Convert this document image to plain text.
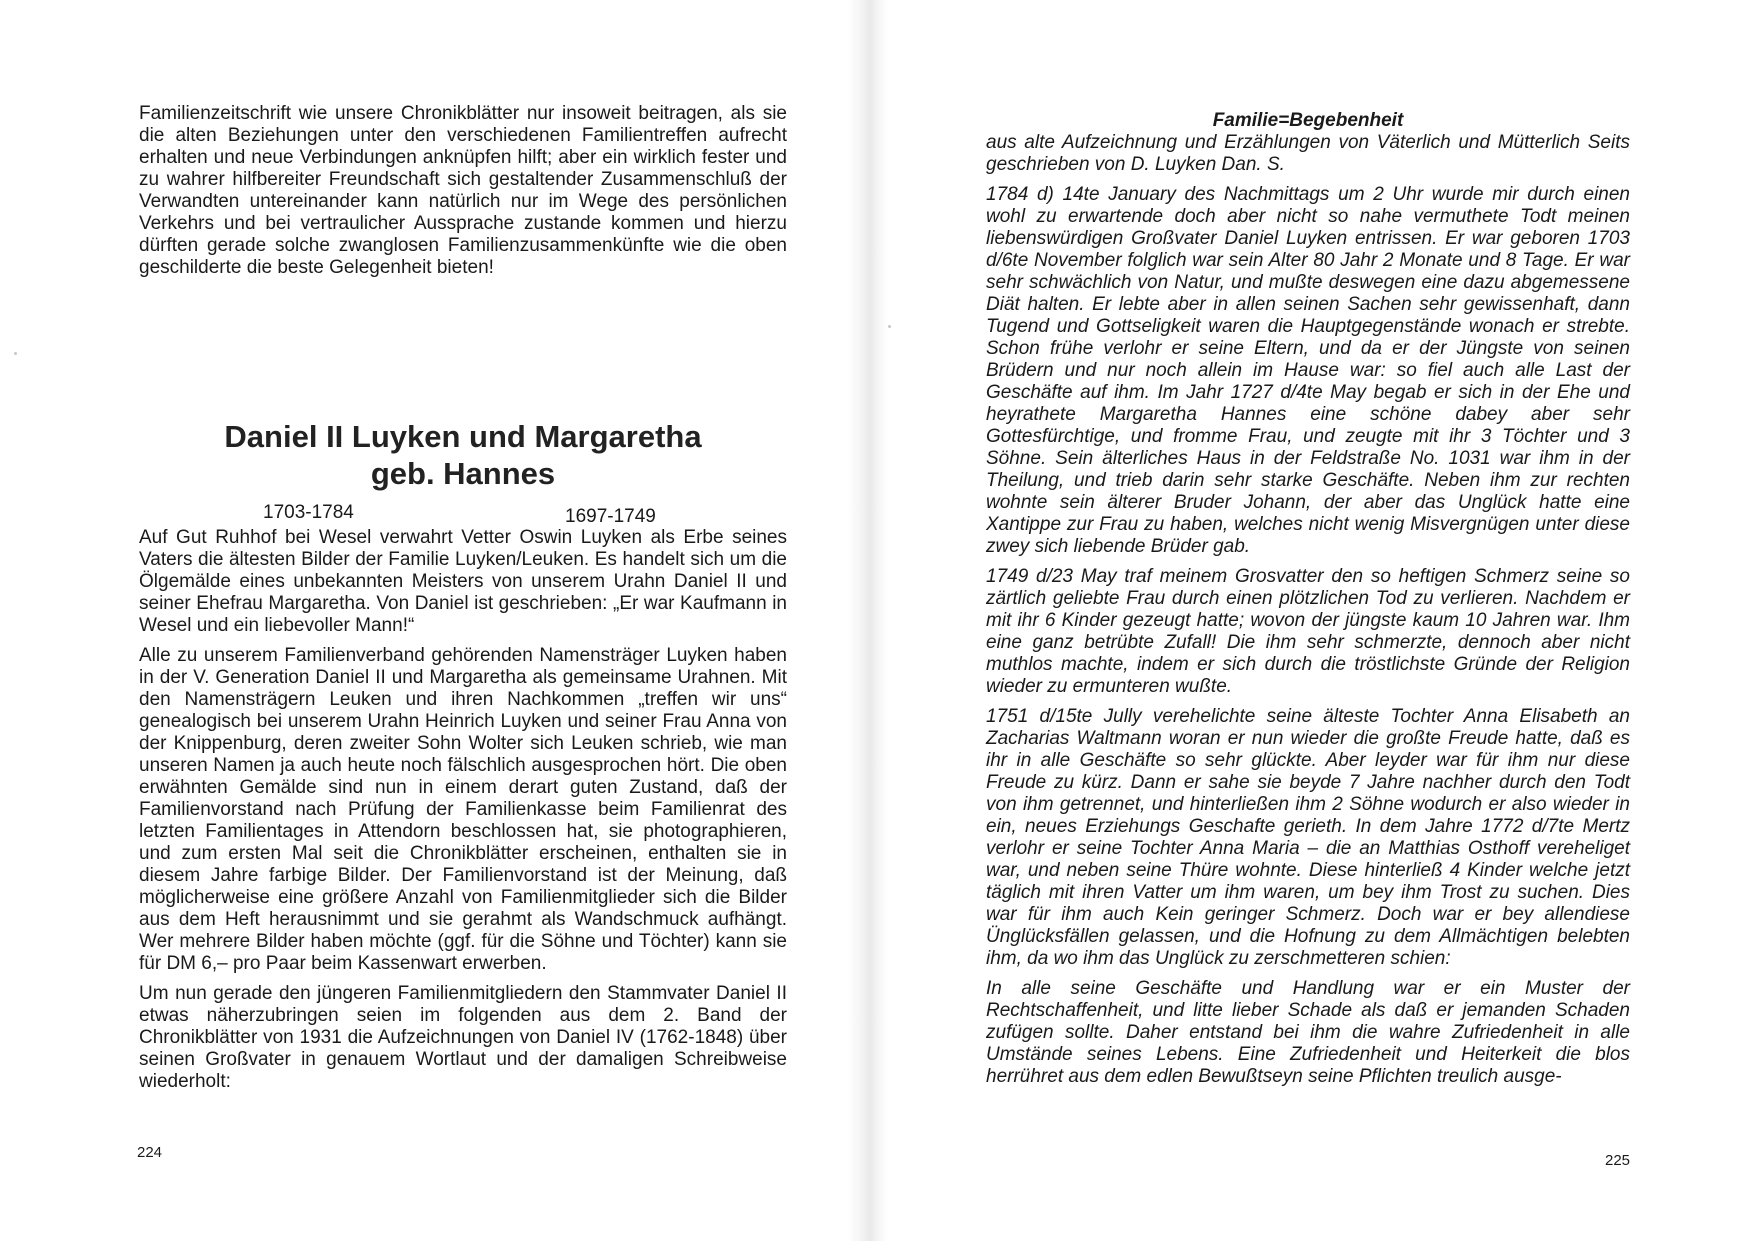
Familienzeitschrift wie unsere Chronikblätter nur insoweit beitragen, als sie die alten Beziehungen unter den verschiedenen Familientreffen aufrecht erhalten und neue Verbindungen anknüpfen hilft; aber ein wirklich fester und zu wahrer hilfbereiter Freundschaft sich gestaltender Zusammenschluß der Verwandten untereinander kann natürlich nur im Wege des persönlichen Verkehrs und bei vertraulicher Aussprache zustande kommen und hierzu dürften gerade solche zwanglosen Familienzusammenkünfte wie die oben geschilderte die beste Gelegenheit bieten!
Daniel II Luyken und Margaretha
geb. Hannes
1703-1784	1697-1749

Auf Gut Ruhhof bei Wesel verwahrt Vetter Oswin Luyken als Erbe seines Vaters die ältesten Bilder der Familie Luyken/Leuken. Es handelt sich um die Ölgemälde eines unbekannten Meisters von unserem Urahn Daniel II und seiner Ehefrau Margaretha. Von Daniel ist geschrieben: „Er war Kaufmann in Wesel und ein liebevoller Mann!“

Alle zu unserem Familienverband gehörenden Namensträger Luyken haben in der V. Generation Daniel II und Margaretha als gemeinsame Urahnen. Mit den Namensträgern Leuken und ihren Nachkommen „treffen wir uns“ genealogisch bei unserem Urahn Heinrich Luyken und seiner Frau Anna von der Knippenburg, deren zweiter Sohn Wolter sich Leuken schrieb, wie man unseren Namen ja auch heute noch fälschlich ausgesprochen hört. Die oben erwähnten Gemälde sind nun in einem derart guten Zustand, daß der Familienvorstand nach Prüfung der Familienkasse beim Familienrat des letzten Familientages in Attendorn beschlossen hat, sie photographieren, und zum ersten Mal seit die Chronikblätter erscheinen, enthalten sie in diesem Jahre farbige Bilder. Der Familienvorstand ist der Meinung, daß möglicherweise eine größere Anzahl von Familienmitglieder sich die Bilder aus dem Heft herausnimmt und sie gerahmt als Wandschmuck aufhängt. Wer mehrere Bilder haben möchte (ggf. für die Söhne und Töchter) kann sie für DM 6,– pro Paar beim Kassenwart erwerben.

Um nun gerade den jüngeren Familienmitgliedern den Stammvater Daniel II etwas näherzubringen seien im folgenden aus dem 2. Band der Chronikblätter von 1931 die Aufzeichnungen von Daniel IV (1762-1848) über seinen Großvater in genauem Wortlaut und der damaligen Schreibweise wiederholt:

224

Familie=Begebenheit

aus alte Aufzeichnung und Erzählungen von Väterlich und Mütterlich Seits geschrieben von D. Luyken Dan. S.

1784 d) 14te January des Nachmittags um 2 Uhr wurde mir durch einen wohl zu erwartende doch aber nicht so nahe vermuthete Todt meinen liebenswürdigen Großvater Daniel Luyken entrissen. Er war geboren 1703 d/6te November folglich war sein Alter 80 Jahr 2 Monate und 8 Tage. Er war sehr schwächlich von Natur, und mußte deswegen eine dazu abgemessene Diät halten. Er lebte aber in allen seinen Sachen sehr gewissenhaft, dann Tugend und Gottseligkeit waren die Hauptgegenstände wonach er strebte. Schon frühe verlohr er seine Eltern, und da er der Jüngste von seinen Brüdern und nur noch allein im Hause war: so fiel auch alle Last der Geschäfte auf ihm. Im Jahr 1727 d/4te May begab er sich in der Ehe und heyrathete Margaretha Hannes eine schöne dabey aber sehr Gottesfürchtige, und fromme Frau, und zeugte mit ihr 3 Töchter und 3 Söhne. Sein älterliches Haus in der Feldstraße No. 1031 war ihm in der Theilung, und trieb darin sehr starke Geschäfte. Neben ihm zur rechten wohnte sein älterer Bruder Johann, der aber das Unglück hatte eine Xantippe zur Frau zu haben, welches nicht wenig Misvergnügen unter diese zwey sich liebende Brüder gab.

1749 d/23 May traf meinem Grosvatter den so heftigen Schmerz seine so zärtlich geliebte Frau durch einen plötzlichen Tod zu verlieren. Nachdem er mit ihr 6 Kinder gezeugt hatte; wovon der jüngste kaum 10 Jahren war. Ihm eine ganz betrübte Zufall! Die ihm sehr schmerzte, dennoch aber nicht muthlos machte, indem er sich durch die tröstlichste Gründe der Religion wieder zu ermunteren wußte.

1751 d/15te Jully verehelichte seine älteste Tochter Anna Elisabeth an Zacharias Waltmann woran er nun wieder die großte Freude hatte, daß es ihr in alle Geschäfte so sehr glückte. Aber leyder war für ihm nur diese Freude zu kürz. Dann er sahe sie beyde 7 Jahre nachher durch den Todt von ihm getrennet, und hinterließen ihm 2 Söhne wodurch er also wieder in ein, neues Erziehungs Geschafte gerieth. In dem Jahre 1772 d/7te Mertz verlohr er seine Tochter Anna Maria – die an Matthias Osthoff vereheliget war, und neben seine Thüre wohnte. Diese hinterließ 4 Kinder welche jetzt täglich mit ihren Vatter um ihm waren, um bey ihm Trost zu suchen. Dies war für ihm auch Kein geringer Schmerz. Doch war er bey allendiese Ünglücksfällen gelassen, und die Hofnung zu dem Allmächtigen belebten ihm, da wo ihm das Unglück zu zerschmetteren schien:

In alle seine Geschäfte und Handlung war er ein Muster der Rechtschaffenheit, und litte lieber Schade als daß er jemanden Schaden zufügen sollte. Daher entstand bei ihm die wahre Zufriedenheit in alle Umstände seines Lebens. Eine Zufriedenheit und Heiterkeit die blos herrühret aus dem edlen Bewußtseyn seine Pflichten treulich ausge-

225
